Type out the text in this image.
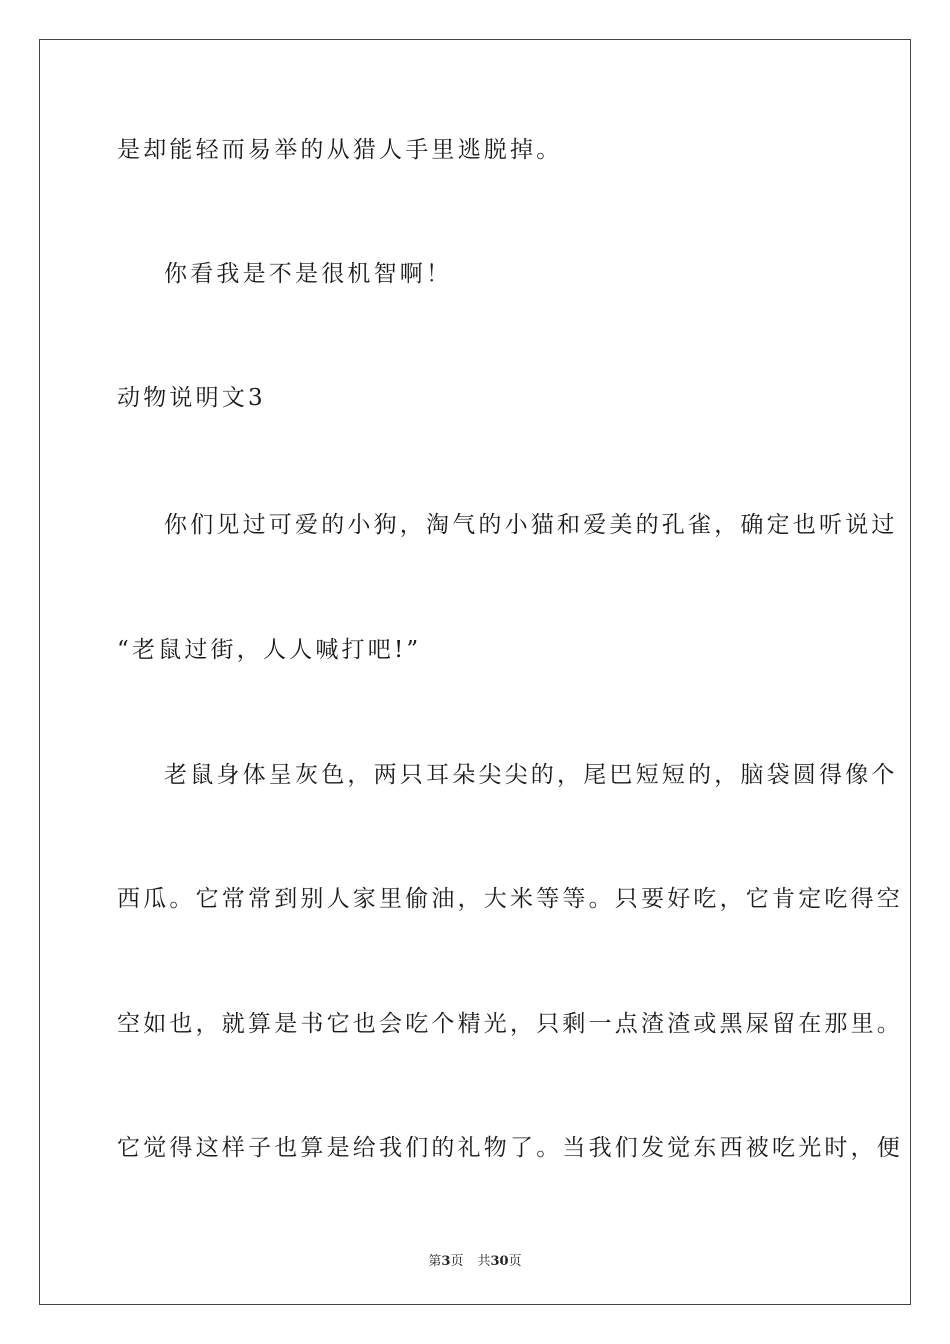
是却能轻而易举的从猎人手里逃脱掉。
你看我是不是很机智啊！
动物说明文3
你们见过可爱的小狗，淘气的小猫和爱美的孔雀，确定也听说过
“老鼠过街，人人喊打吧!”
老鼠身体呈灰色，两只耳朵尖尖的，尾巴短短的，脑袋圆得像个
西瓜。它常常到别人家里偷油，大米等等。只要好吃，它肯定吃得空
空如也，就算是书它也会吃个精光，只剩一点渣渣或黑屎留在那里。
它觉得这样子也算是给我们的礼物了。当我们发觉东西被吃光时，便
第3页 共30页
